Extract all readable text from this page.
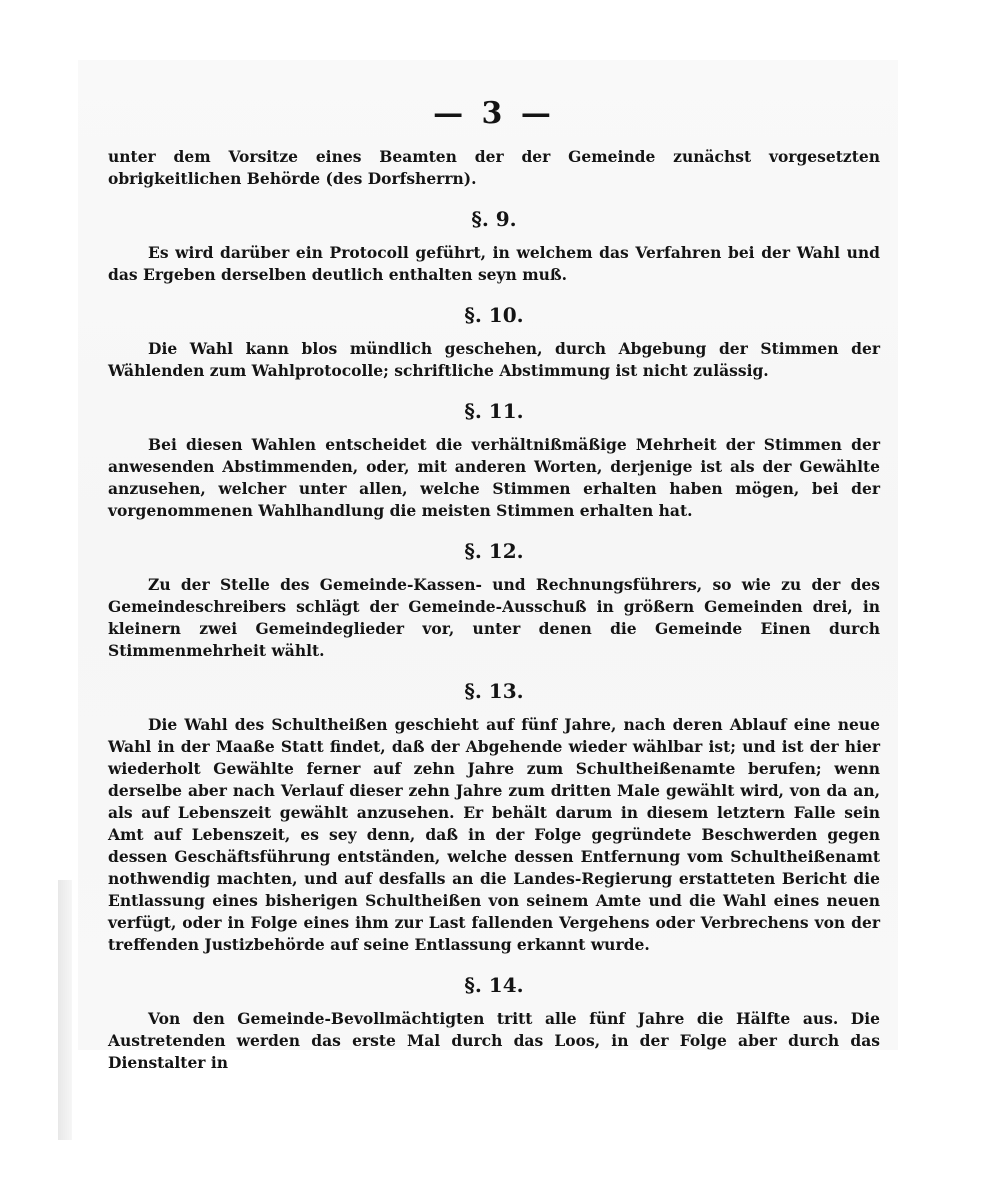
— 3 —

unter dem Vorsitze eines Beamten der der Gemeinde zunächst vorgesetzten obrigkeitlichen Behörde (des Dorfsherrn).

§. 9.

Es wird darüber ein Protocoll geführt, in welchem das Verfahren bei der Wahl und das Ergeben derselben deutlich enthalten seyn muß.

§. 10.

Die Wahl kann blos mündlich geschehen, durch Abgebung der Stimmen der Wählenden zum Wahlprotocolle; schriftliche Abstimmung ist nicht zulässig.

§. 11.

Bei diesen Wahlen entscheidet die verhältnißmäßige Mehrheit der Stimmen der anwesenden Abstimmenden, oder, mit anderen Worten, derjenige ist als der Gewählte anzusehen, welcher unter allen, welche Stimmen erhalten haben mögen, bei der vorgenommenen Wahlhandlung die meisten Stimmen erhalten hat.

§. 12.

Zu der Stelle des Gemeinde-Kassen- und Rechnungsführers, so wie zu der des Gemeindeschreibers schlägt der Gemeinde-Ausschuß in größern Gemeinden drei, in kleinern zwei Gemeindeglieder vor, unter denen die Gemeinde Einen durch Stimmenmehrheit wählt.

§. 13.

Die Wahl des Schultheißen geschieht auf fünf Jahre, nach deren Ablauf eine neue Wahl in der Maaße Statt findet, daß der Abgehende wieder wählbar ist; und ist der hier wiederholt Gewählte ferner auf zehn Jahre zum Schultheißenamte berufen; wenn derselbe aber nach Verlauf dieser zehn Jahre zum dritten Male gewählt wird, von da an, als auf Lebenszeit gewählt anzusehen. Er behält darum in diesem letztern Falle sein Amt auf Lebenszeit, es sey denn, daß in der Folge gegründete Beschwerden gegen dessen Geschäftsführung entständen, welche dessen Entfernung vom Schultheißenamt nothwendig machten, und auf desfalls an die Landes-Regierung erstatteten Bericht die Entlassung eines bisherigen Schultheißen von seinem Amte und die Wahl eines neuen verfügt, oder in Folge eines ihm zur Last fallenden Vergehens oder Verbrechens von der treffenden Justizbehörde auf seine Entlassung erkannt wurde.

§. 14.

Von den Gemeinde-Bevollmächtigten tritt alle fünf Jahre die Hälfte aus. Die Austretenden werden das erste Mal durch das Loos, in der Folge aber durch das Dienstalter in
